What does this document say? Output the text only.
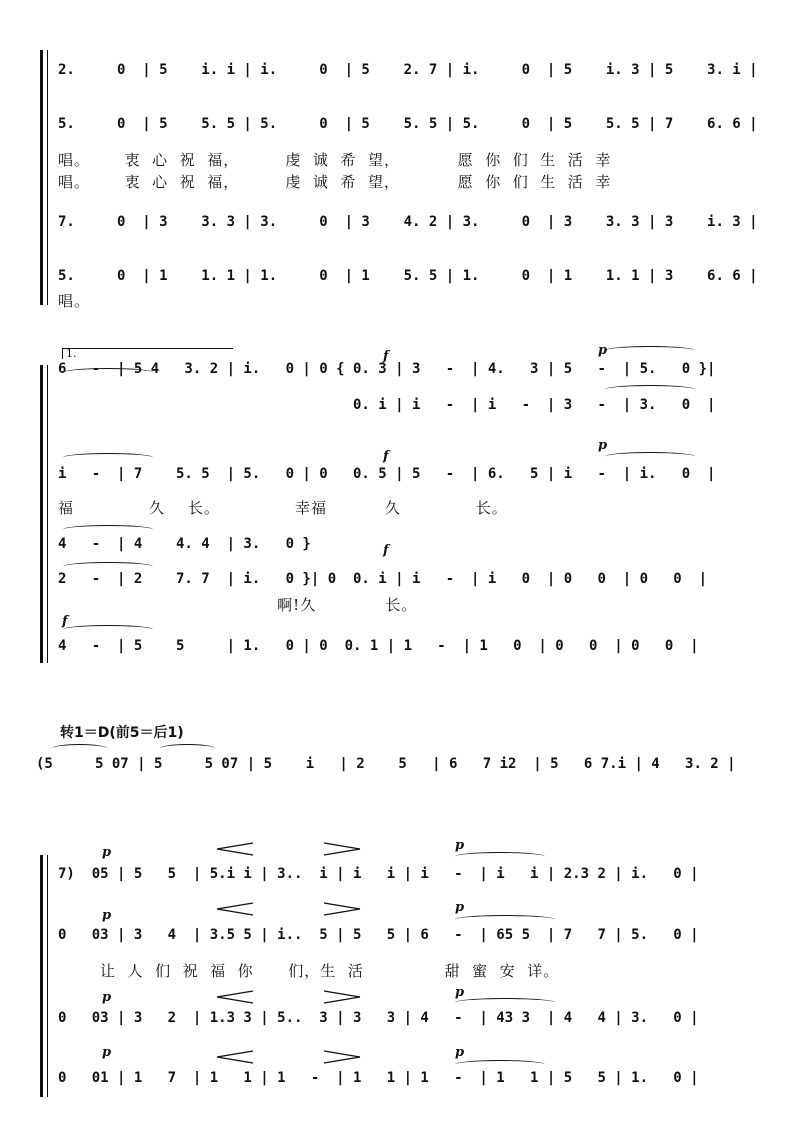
2.     0  | 5    i. i | i.     0  | 5    2. 7 | i.     0  | 5    i. 3 | 5    3. i |
5.     0  | 5    5. 5 | 5.     0  | 5    5. 5 | 5.     0  | 5    5. 5 | 7    6. 6 |
唱。      衷  心  祝  福，        虔  诚  希  望，          愿  你  们  生  活  幸
唱。      衷  心  祝  福，        虔  诚  希  望，          愿  你  们  生  活  幸
7.     0  | 3    3. 3 | 3.     0  | 3    4. 2 | 3.     0  | 3    3. 3 | 3    i. 3 |
5.     0  | 1    1. 1 | 1.     0  | 1    5. 5 | 1.     0  | 1    1. 1 | 3    6. 6 |
唱。
1.	f	p
6   -  | 5 4   3. 2 | i.   0 | 0 { 0. 3 | 3   -  | 4.   3 | 5   -  | 5.   0 }|
0. i | i   -  | i   -  | 3   -  | 3.   0  |
f
p
i   -  | 7    5. 5  | 5.   0 | 0   0. 5 | 5   -  | 6.   5 | i   -  | i.   0  |
福             久    长。             幸福          久             长。
f
4   -  | 4    4. 4  | 3.   0 }
2   -  | 2    7. 7  | i.   0 }| 0  0. i | i   -  | i   0  | 0   0  | 0   0  |
啊!久            长。
f
4   -  | 5    5     | 1.   0 | 0  0. 1 | 1   -  | 1   0  | 0   0  | 0   0  |
转1＝D(前5＝后1)
(5     5 07 | 5     5 07 | 5    i   | 2    5   | 6   7 i2  | 5   6 7.i | 4   3. 2 |
p	p
7)  05 | 5   5  | 5.i i | 3..  i | i   i | i   -  | i   i | 2.3 2 | i.   0 |
p
p
0   03 | 3   4  | 3.5 5 | i..  5 | 5   5 | 6   -  | 65 5  | 7   7 | 5.   0 |
让  人  们  祝  福  你      们，生  活              甜  蜜  安  详。
p	p
0   03 | 3   2  | 1.3 3 | 5..  3 | 3   3 | 4   -  | 43 3  | 4   4 | 3.   0 |
p	p
0   01 | 1   7  | 1   1 | 1   -  | 1   1 | 1   -  | 1   1 | 5   5 | 1.   0 |
